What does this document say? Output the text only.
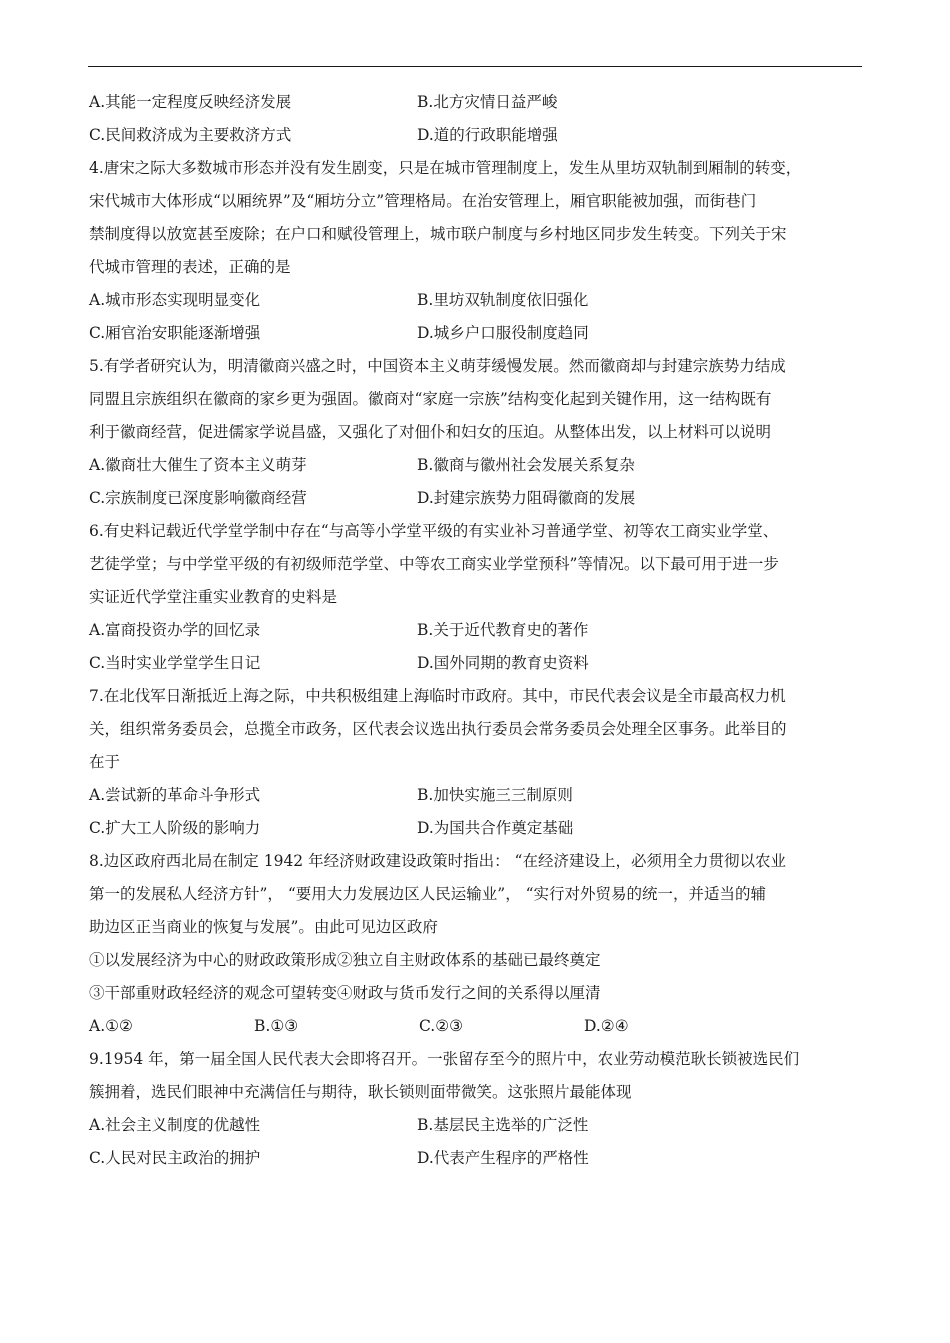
A.其能一定程度反映经济发展	B.北方灾情日益严峻
C.民间救济成为主要救济方式	D.道的行政职能增强
4.唐宋之际大多数城市形态并没有发生剧变，只是在城市管理制度上，发生从里坊双轨制到厢制的转变，
宋代城市大体形成“以厢统界”及“厢坊分立”管理格局。在治安管理上，厢官职能被加强，而街巷门
禁制度得以放宽甚至废除；在户口和赋役管理上，城市联户制度与乡村地区同步发生转变。下列关于宋
代城市管理的表述，正确的是
A.城市形态实现明显变化	B.里坊双轨制度依旧强化
C.厢官治安职能逐渐增强	D.城乡户口服役制度趋同
5.有学者研究认为，明清徽商兴盛之时，中国资本主义萌芽缓慢发展。然而徽商却与封建宗族势力结成
同盟且宗族组织在徽商的家乡更为强固。徽商对“家庭一宗族”结构变化起到关键作用，这一结构既有
利于徽商经营，促进儒家学说昌盛，又强化了对佃仆和妇女的压迫。从整体出发，以上材料可以说明
A.徽商壮大催生了资本主义萌芽	B.徽商与徽州社会发展关系复杂
C.宗族制度已深度影响徽商经营	D.封建宗族势力阻碍徽商的发展
6.有史料记载近代学堂学制中存在“与高等小学堂平级的有实业补习普通学堂、初等农工商实业学堂、
艺徒学堂；与中学堂平级的有初级师范学堂、中等农工商实业学堂预科”等情况。以下最可用于进一步
实证近代学堂注重实业教育的史料是
A.富商投资办学的回忆录	B.关于近代教育史的著作
C.当时实业学堂学生日记	D.国外同期的教育史资料
7.在北伐军日渐抵近上海之际，中共积极组建上海临时市政府。其中，市民代表会议是全市最高权力机
关，组织常务委员会，总揽全市政务，区代表会议选出执行委员会常务委员会处理全区事务。此举目的
在于
A.尝试新的革命斗争形式	B.加快实施三三制原则
C.扩大工人阶级的影响力	D.为国共合作奠定基础
8.边区政府西北局在制定 1942 年经济财政建设政策时指出： “在经济建设上，必须用全力贯彻以农业
第一的发展私人经济方针”， “要用大力发展边区人民运输业”， “实行对外贸易的统一，并适当的辅
助边区正当商业的恢复与发展”。由此可见边区政府
①以发展经济为中心的财政政策形成②独立自主财政体系的基础已最终奠定
③干部重财政轻经济的观念可望转变④财政与货币发行之间的关系得以厘清
A.①②	B.①③	C.②③	D.②④
9.1954 年，第一届全国人民代表大会即将召开。一张留存至今的照片中，农业劳动模范耿长锁被选民们
簇拥着，选民们眼神中充满信任与期待，耿长锁则面带微笑。这张照片最能体现
A.社会主义制度的优越性	B.基层民主选举的广泛性
C.人民对民主政治的拥护	D.代表产生程序的严格性
